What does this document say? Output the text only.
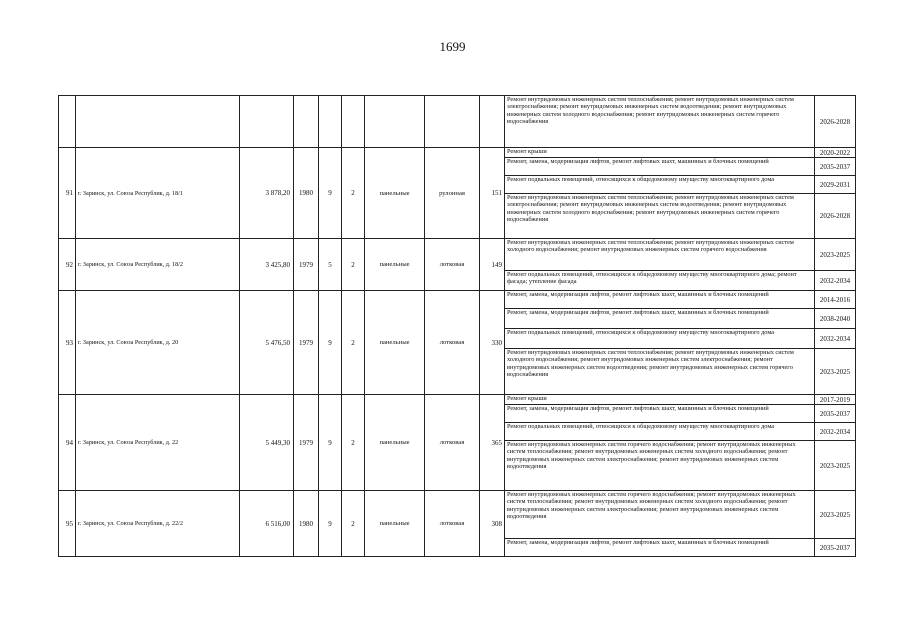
1699
									Ремонт внутридомовых инженерных систем теплоснабжения; ремонт внутридомовых инженерных систем электроснабжения; ремонт внутридомовых инженерных систем водоотведения; ремонт внутридомовых инженерных систем холодного водоснабжения; ремонт внутридомовых инженерных систем горячего водоснабжения	2026-2028
91	г. Заринск, ул. Союза Республик, д. 18/1	3 878,20	1980	9	2	панельные	рулонная	151	Ремонт крыши	2020-2022
									Ремонт, замена, модернизация лифтов, ремонт лифтовых шахт, машинных и блочных помещений	2035-2037
									Ремонт подвальных помещений, относящихся к общедомовому имуществу многоквартирного дома	2029-2031
									Ремонт внутридомовых инженерных систем теплоснабжения; ремонт внутридомовых инженерных систем электроснабжения; ремонт внутридомовых инженерных систем водоотведения; ремонт внутридомовых инженерных систем холодного водоснабжения; ремонт внутридомовых инженерных систем горячего водоснабжения	2026-2028
92	г. Заринск, ул. Союза Республик, д. 18/2	3 425,80	1979	5	2	панельные	лотковая	149	Ремонт внутридомовых инженерных систем теплоснабжения; ремонт внутридомовых инженерных систем холодного водоснабжения; ремонт внутридомовых инженерных систем горячего водоснабжения	2023-2025
									Ремонт подвальных помещений, относящихся к общедомовому имуществу многоквартирного дома; ремонт фасада; утепление фасада	2032-2034
93	г. Заринск, ул. Союза Республик, д. 20	5 476,50	1979	9	2	панельные	лотковая	330	Ремонт, замена, модернизация лифтов, ремонт лифтовых шахт, машинных и блочных помещений	2014-2016
									Ремонт, замена, модернизация лифтов, ремонт лифтовых шахт, машинных и блочных помещений	2038-2040
									Ремонт подвальных помещений, относящихся к общедомовому имуществу многоквартирного дома	2032-2034
									Ремонт внутридомовых инженерных систем теплоснабжения; ремонт внутридомовых инженерных систем холодного водоснабжения; ремонт внутридомовых инженерных систем электроснабжения; ремонт внутридомовых инженерных систем водоотведения; ремонт внутридомовых инженерных систем горячего водоснабжения	2023-2025
94	г. Заринск, ул. Союза Республик, д. 22	5 449,30	1979	9	2	панельные	лотковая	365	Ремонт крыши	2017-2019
									Ремонт, замена, модернизация лифтов, ремонт лифтовых шахт, машинных и блочных помещений	2035-2037
									Ремонт подвальных помещений, относящихся к общедомовому имуществу многоквартирного дома	2032-2034
									Ремонт внутридомовых инженерных систем горячего водоснабжения; ремонт внутридомовых инженерных систем теплоснабжения; ремонт внутридомовых инженерных систем холодного водоснабжения; ремонт внутридомовых инженерных систем электроснабжения; ремонт внутридомовых инженерных систем водоотведения	2023-2025
95	г. Заринск, ул. Союза Республик, д. 22/2	6 516,00	1980	9	2	панельные	лотковая	308	Ремонт внутридомовых инженерных систем горячего водоснабжения; ремонт внутридомовых инженерных систем теплоснабжения; ремонт внутридомовых инженерных систем холодного водоснабжения; ремонт внутридомовых инженерных систем электроснабжения; ремонт внутридомовых инженерных систем водоотведения	2023-2025
									Ремонт, замена, модернизация лифтов, ремонт лифтовых шахт, машинных и блочных помещений	2035-2037
